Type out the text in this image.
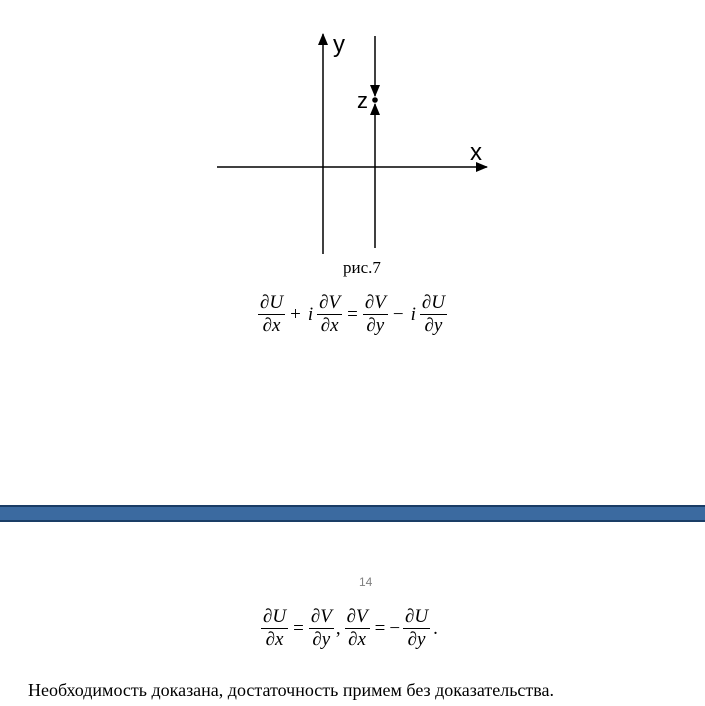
y
x
z
рис.7
$\frac{\partial U}{\partial x} + i \frac{\partial V}{\partial x} = \frac{\partial V}{\partial y} - i \frac{\partial U}{\partial y}$
14
$\frac{\partial U}{\partial x} = \frac{\partial V}{\partial y}$ , $\frac{\partial V}{\partial x}$ = − $\frac{\partial U}{\partial y}$ .
Необходимость доказана, достаточность примем без доказательства.
